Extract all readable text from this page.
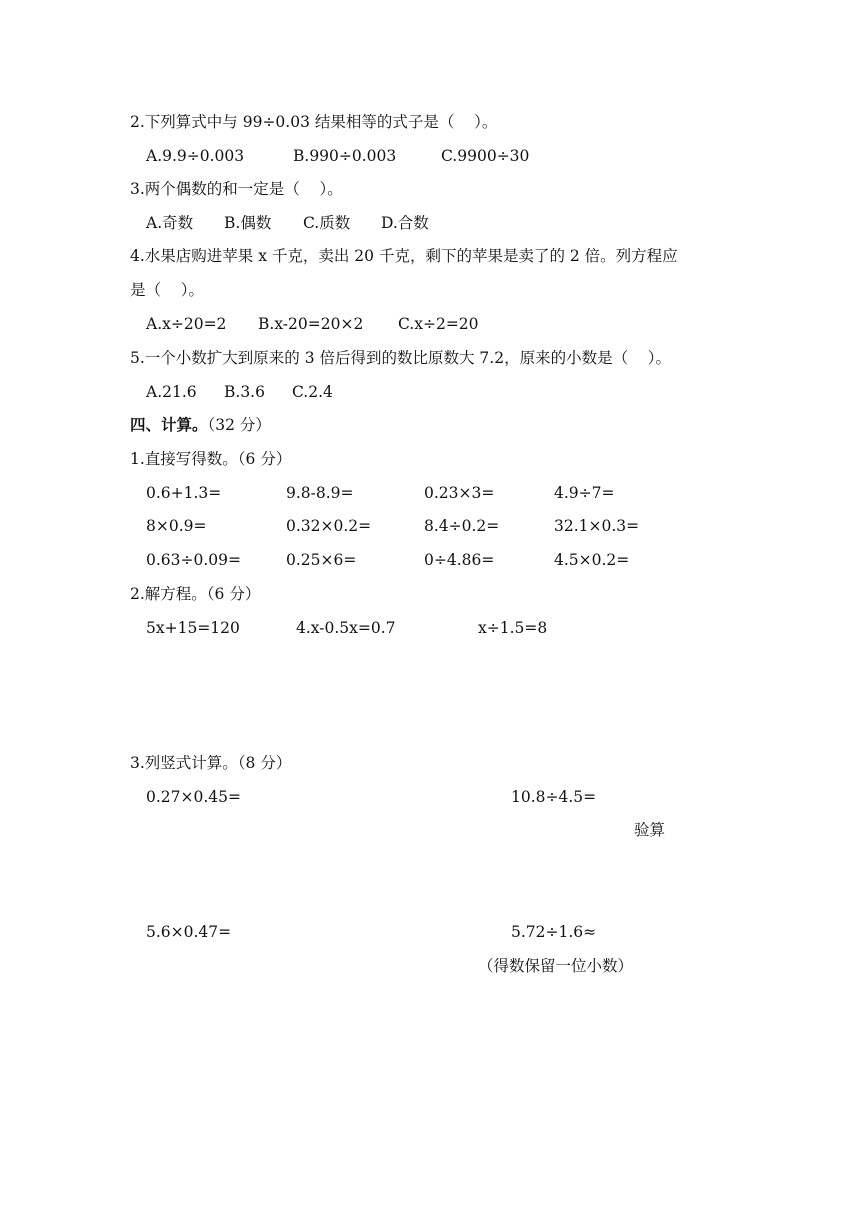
2.下列算式中与 99÷0.03 结果相等的式子是（    ）。
A.9.9÷0.003	B.990÷0.003	C.9900÷30
3.两个偶数的和一定是（    ）。
A.奇数 B.偶数 C.质数 D.合数
4.水果店购进苹果 x 千克，卖出 20 千克，剩下的苹果是卖了的 2 倍。列方程应
是（    ）。
A.x÷20=2 B.x-20=20×2 C.x÷2=20
5.一个小数扩大到原来的 3 倍后得到的数比原数大 7.2，原来的小数是（    ）。
A.21.6 B.3.6 C.2.4
四、计算。（32 分）
1.直接写得数。（6 分）
0.6+1.3=	9.8-8.9=	0.23×3=	4.9÷7=
8×0.9=	0.32×0.2=	8.4÷0.2=	32.1×0.3=
0.63÷0.09=	0.25×6=	0÷4.86=	4.5×0.2=
2.解方程。（6 分）
5x+15=120	4.x-0.5x=0.7	x÷1.5=8
3.列竖式计算。（8 分）
0.27×0.45=	10.8÷4.5=
验算
5.6×0.47=	5.72÷1.6≈
（得数保留一位小数）
